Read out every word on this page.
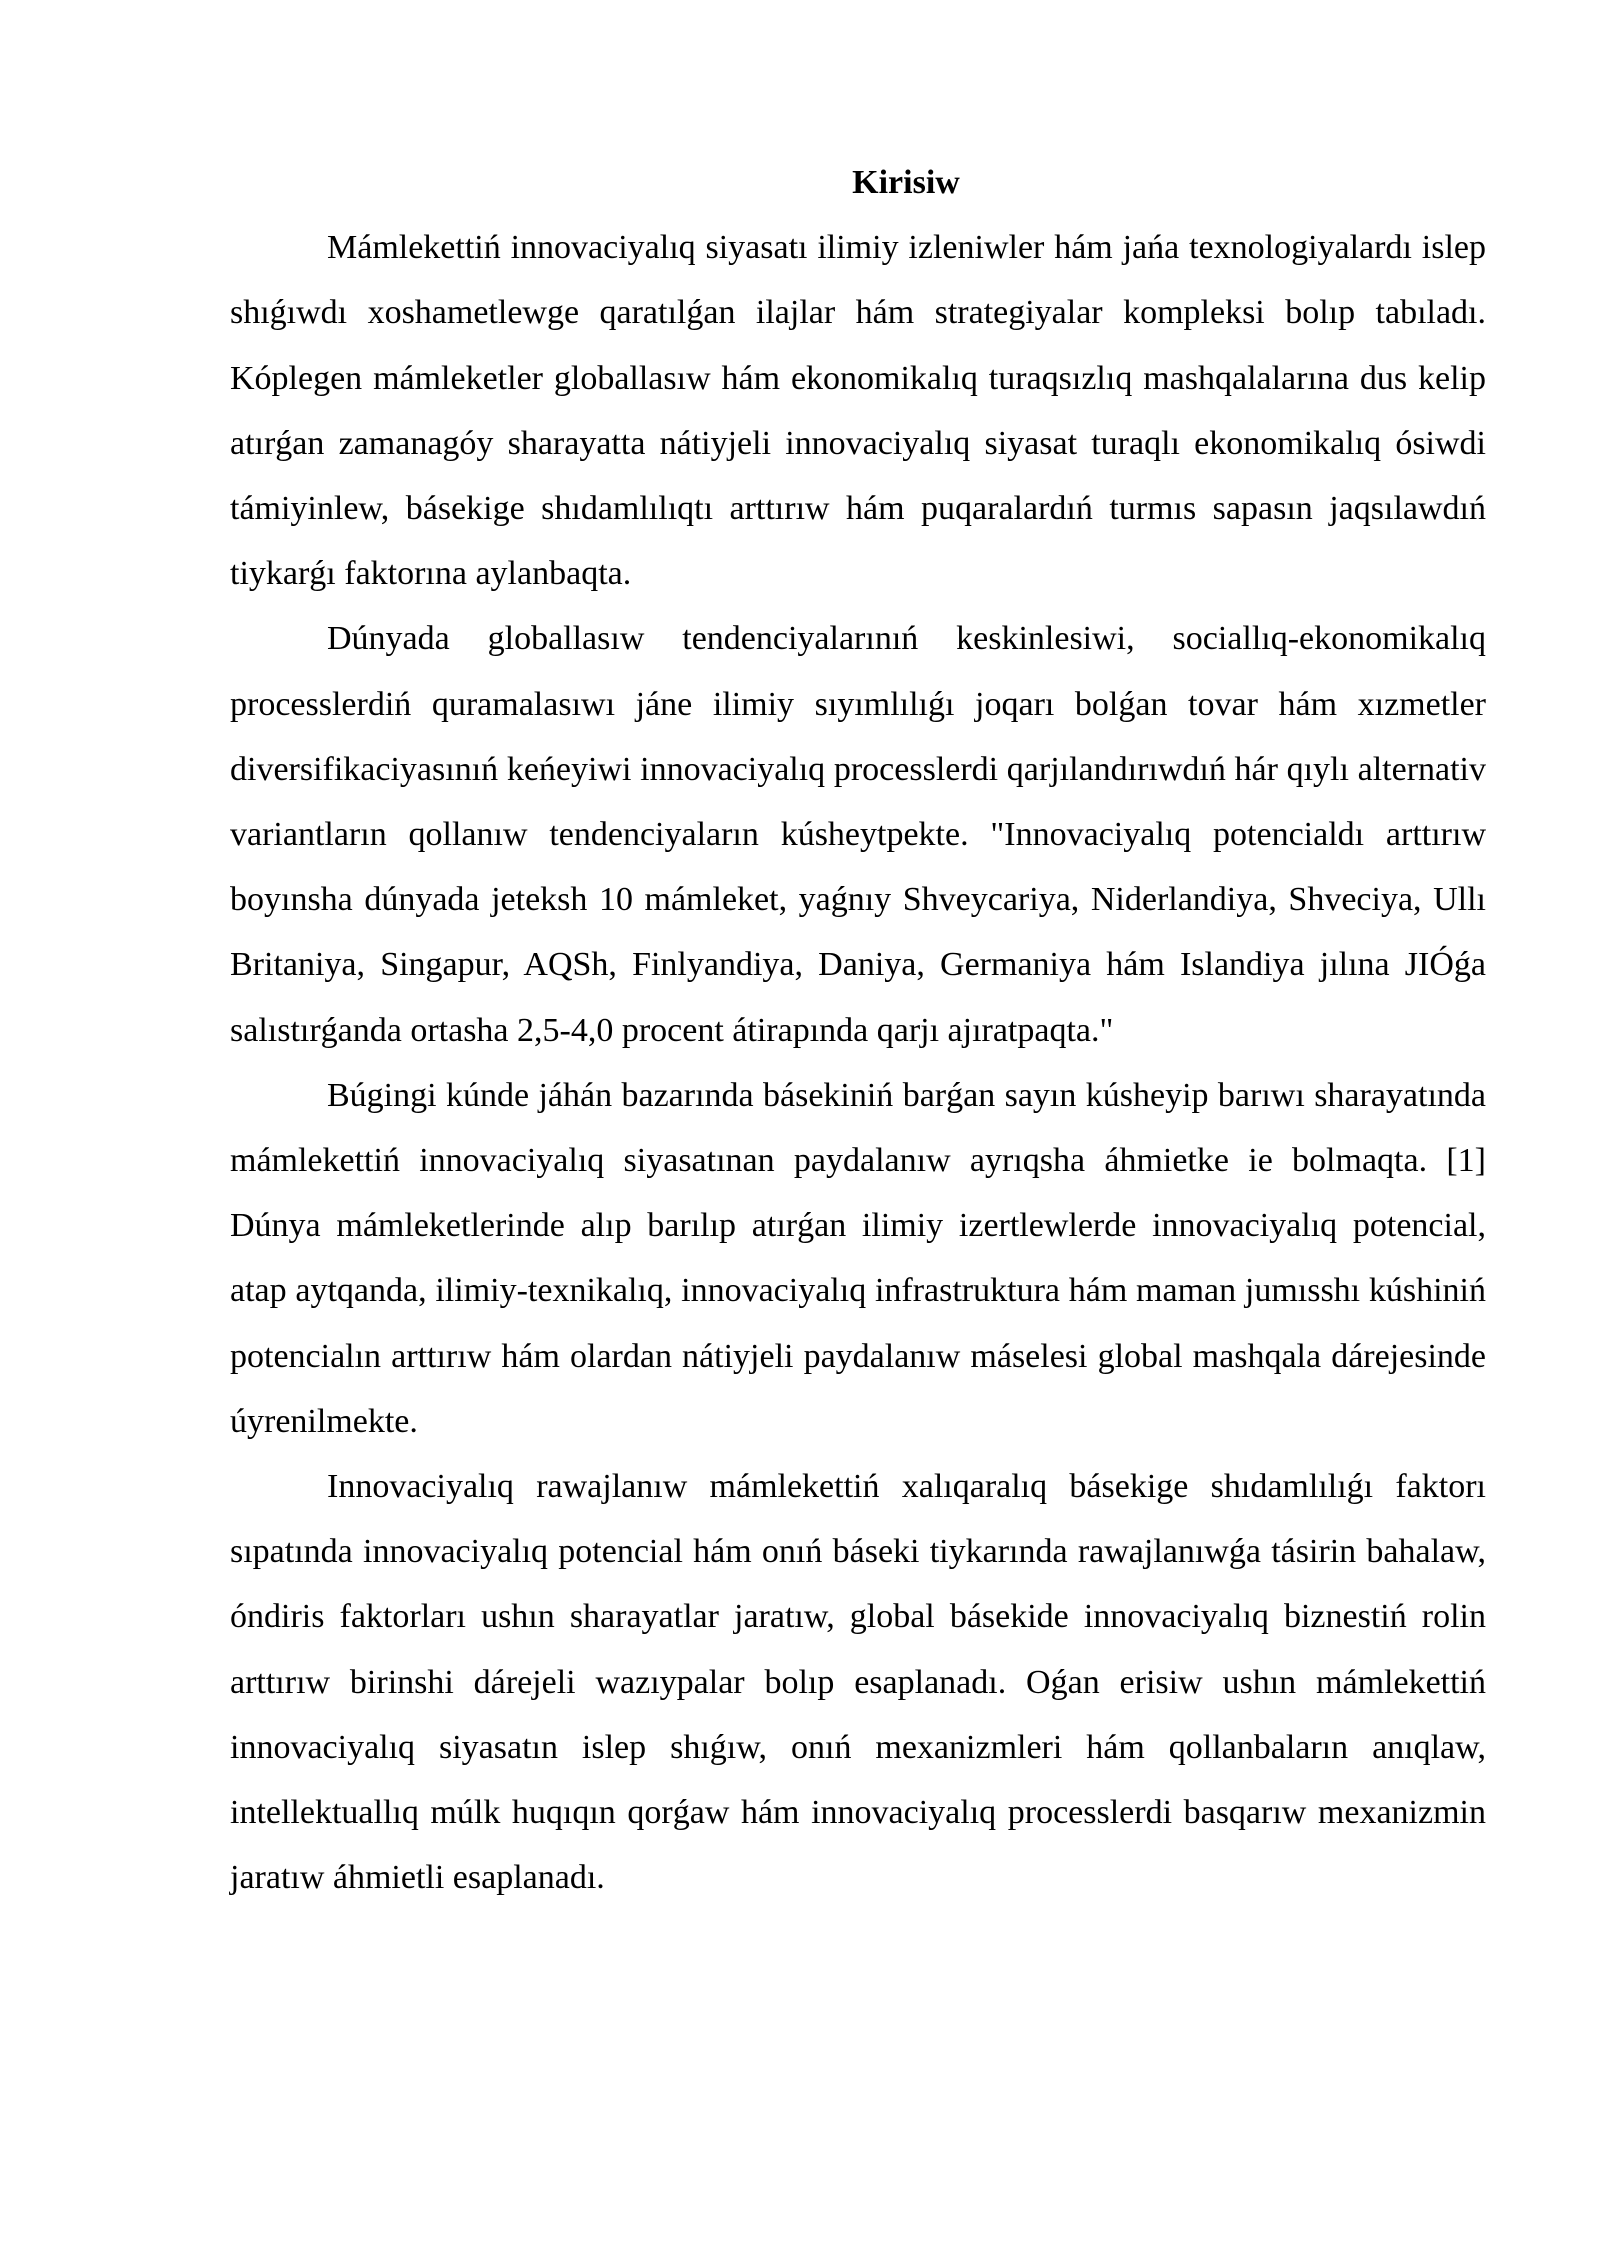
Kirisiw

Mámlekettiń innovaciyalıq siyasatı ilimiy izleniwler hám jańa texnologiyalardı islep shıǵıwdı xoshametlewge qaratılǵan ilajlar hám strategiyalar kompleksi bolıp tabıladı. Kóplegen mámleketler globallasıw hám ekonomikalıq turaqsızlıq mashqalalarına dus kelip atırǵan zamanagóy sharayatta nátiyjeli innovaciyalıq siyasat turaqlı ekonomikalıq ósiwdi támiyinlew, básekige shıdamlılıqtı arttırıw hám puqaralardıń turmıs sapasın jaqsılawdıń tiykarǵı faktorına aylanbaqta.

Dúnyada globallasıw tendenciyalarınıń keskinlesiwi, sociallıq-ekonomikalıq processlerdiń quramalasıwı jáne ilimiy sıyımlılıǵı joqarı bolǵan tovar hám xızmetler diversifikaciyasınıń keńeyiwi innovaciyalıq processlerdi qarjılandırıwdıń hár qıylı alternativ variantların qollanıw tendenciyaların kúsheytpekte. "Innovaciyalıq potencialdı arttırıw boyınsha dúnyada jeteksh 10 mámleket, yaǵnıy Shveycariya, Niderlandiya, Shveciya, Ullı Britaniya, Singapur, AQSh, Finlyandiya, Daniya, Germaniya hám Islandiya jılına JIÓǵa salıstırǵanda ortasha 2,5-4,0 procent átirapında qarjı ajıratpaqta."

Búgingi kúnde jáhán bazarında básekiniń barǵan sayın kúsheyip barıwı sharayatında mámlekettiń innovaciyalıq siyasatınan paydalanıw ayrıqsha áhmietke ie bolmaqta. [1] Dúnya mámleketlerinde alıp barılıp atırǵan ilimiy izertlewlerde innovaciyalıq potencial, atap aytqanda, ilimiy-texnikalıq, innovaciyalıq infrastruktura hám maman jumısshı kúshiniń potencialın arttırıw hám olardan nátiyjeli paydalanıw máselesi global mashqala dárejesinde úyrenilmekte.

Innovaciyalıq rawajlanıw mámlekettiń xalıqaralıq básekige shıdamlılıǵı faktorı sıpatında innovaciyalıq potencial hám onıń báseki tiykarında rawajlanıwǵa tásirin bahalaw, óndiris faktorları ushın sharayatlar jaratıw, global básekide innovaciyalıq biznestiń rolin arttırıw birinshi dárejeli wazıypalar bolıp esaplanadı. Oǵan erisiw ushın mámlekettiń innovaciyalıq siyasatın islep shıǵıw, onıń mexanizmleri hám qollanbaların anıqlaw, intellektuallıq múlk huqıqın qorǵaw hám innovaciyalıq processlerdi basqarıw mexanizmin jaratıw áhmietli esaplanadı.
